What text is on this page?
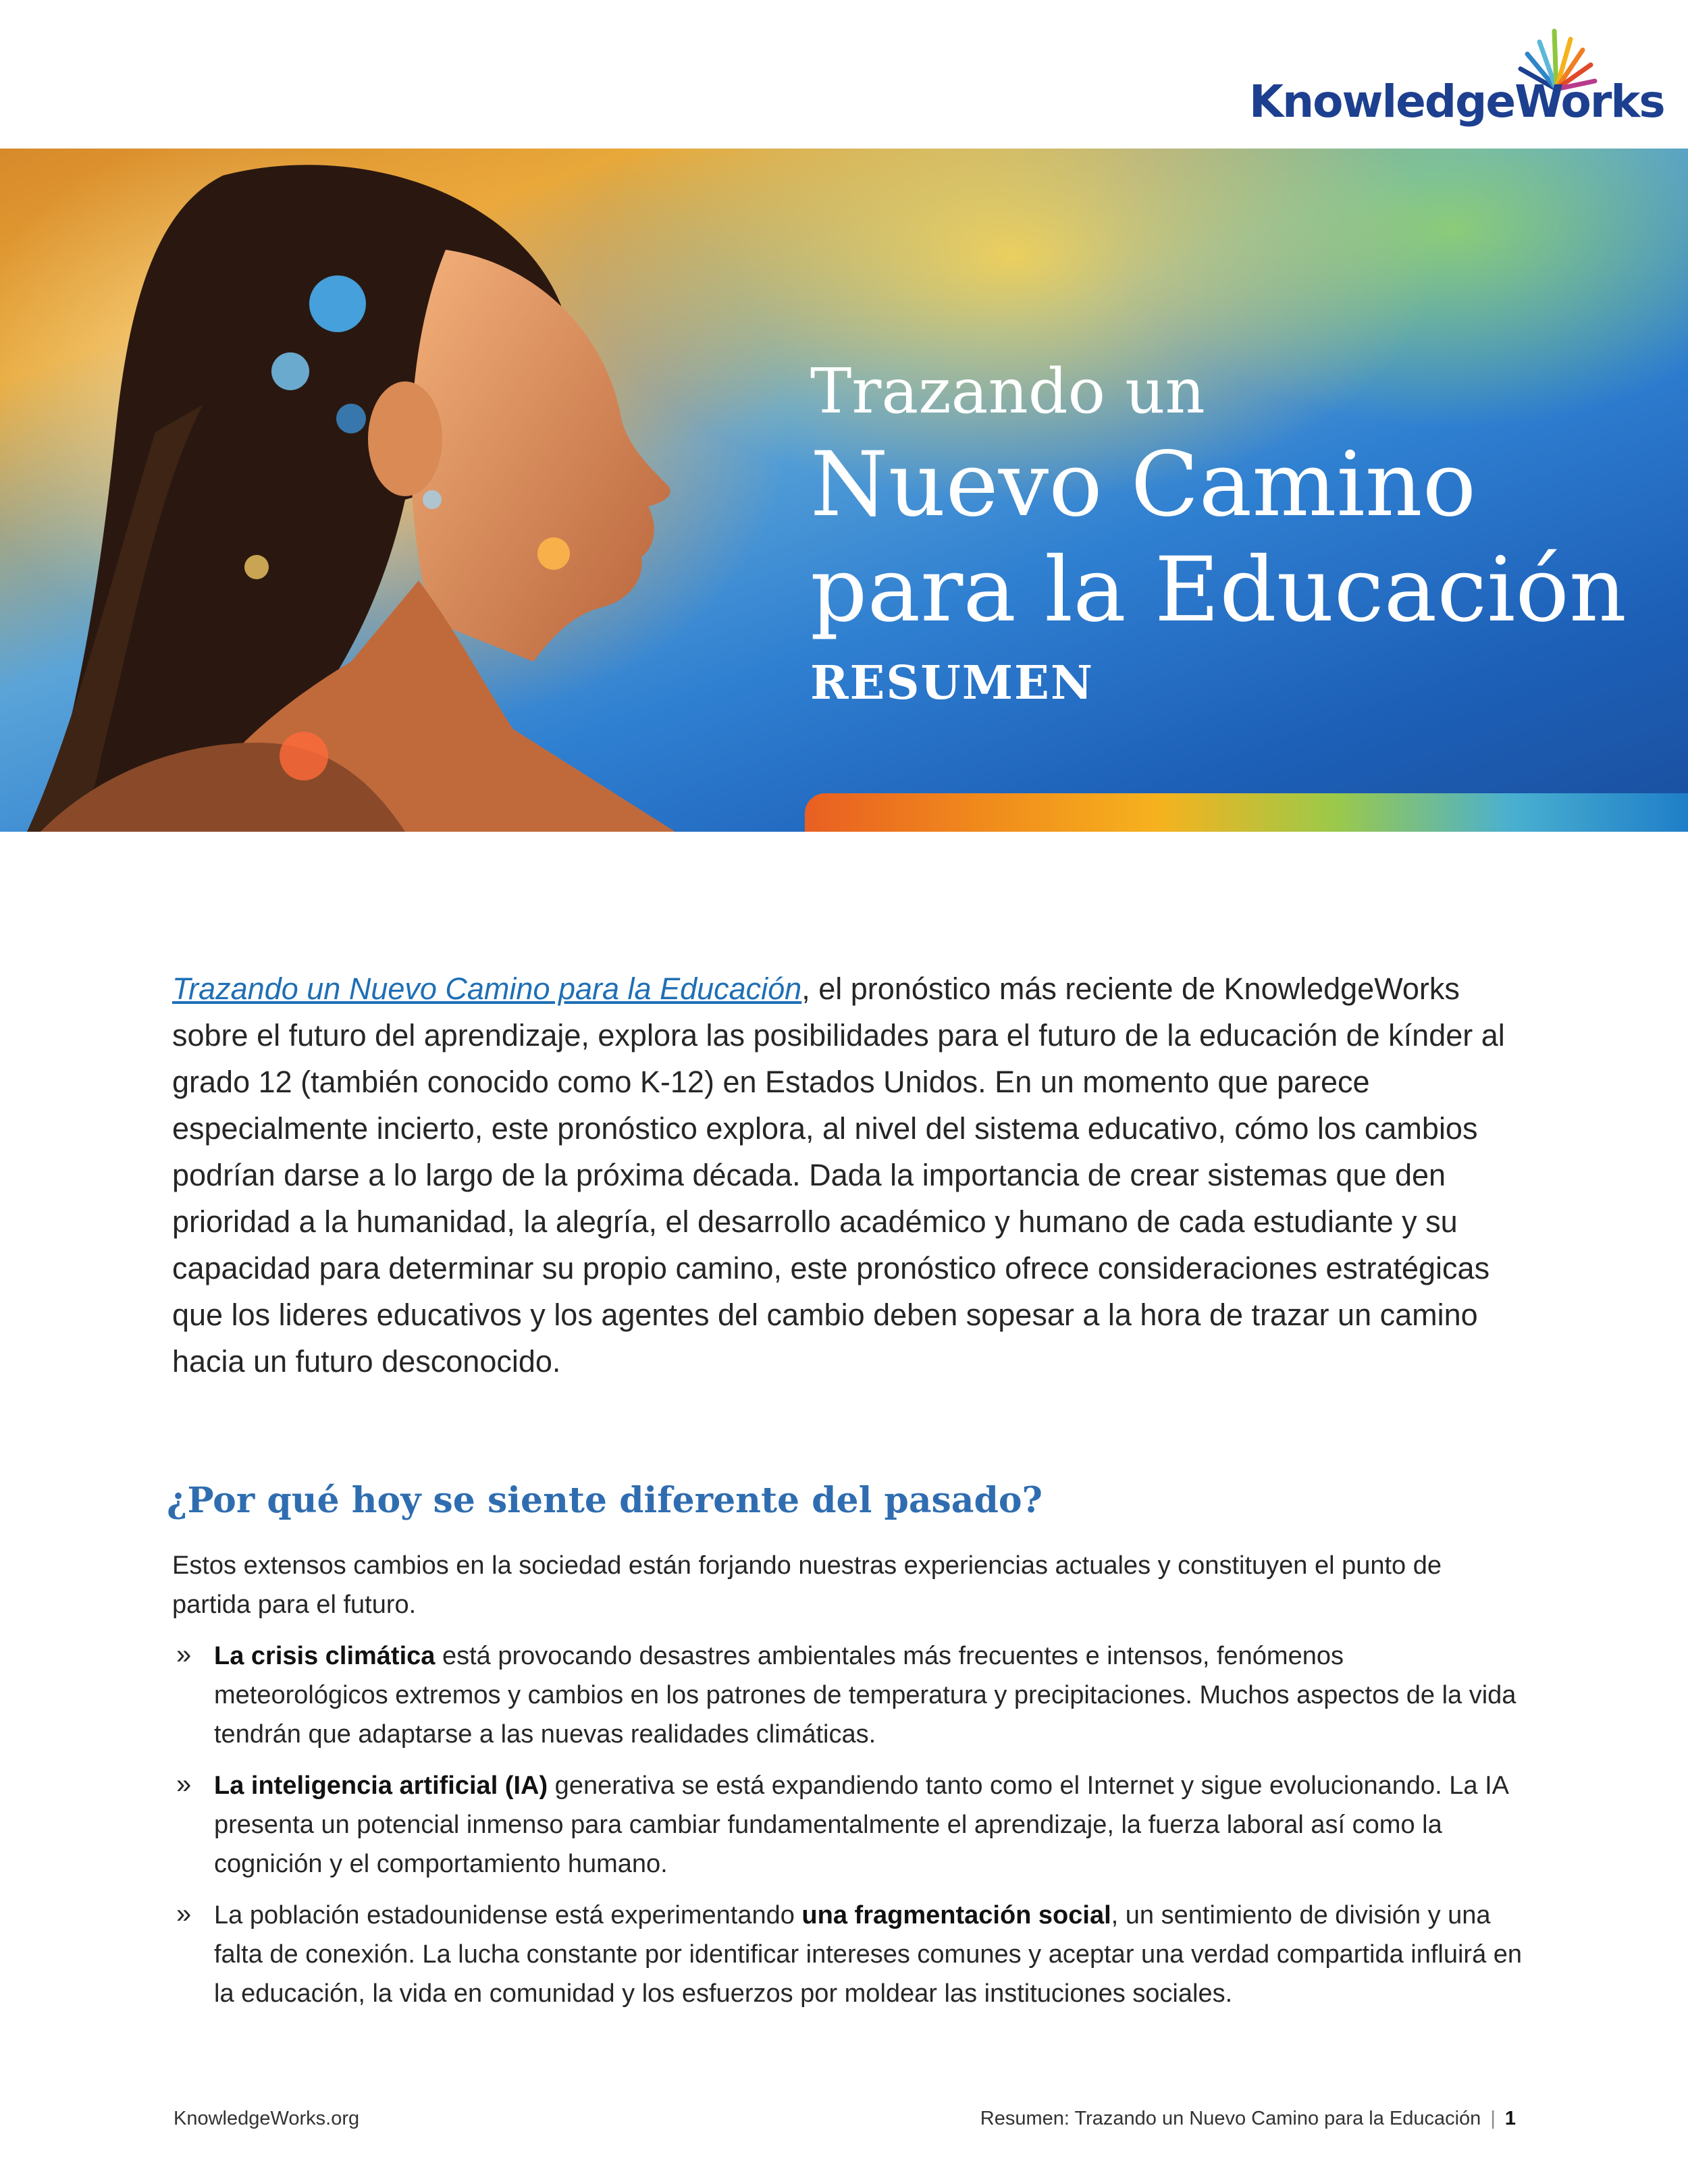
KnowledgeWorks
Trazando un
Nuevo Camino
para la Educación
RESUMEN

Trazando un Nuevo Camino para la Educación, el pronóstico más reciente de KnowledgeWorks sobre el futuro del aprendizaje, explora las posibilidades para el futuro de la educación de kínder al grado 12 (también conocido como K-12) en Estados Unidos. En un momento que parece especialmente incierto, este pronóstico explora, al nivel del sistema educativo, cómo los cambios podrían darse a lo largo de la próxima década. Dada la importancia de crear sistemas que den prioridad a la humanidad, la alegría, el desarrollo académico y humano de cada estudiante y su capacidad para determinar su propio camino, este pronóstico ofrece consideraciones estratégicas que los lideres educativos y los agentes del cambio deben sopesar a la hora de trazar un camino hacia un futuro desconocido.

¿Por qué hoy se siente diferente del pasado?

Estos extensos cambios en la sociedad están forjando nuestras experiencias actuales y constituyen el punto de partida para el futuro.

» La crisis climática está provocando desastres ambientales más frecuentes e intensos, fenómenos meteorológicos extremos y cambios en los patrones de temperatura y precipitaciones. Muchos aspectos de la vida tendrán que adaptarse a las nuevas realidades climáticas.
» La inteligencia artificial (IA) generativa se está expandiendo tanto como el Internet y sigue evolucionando. La IA presenta un potencial inmenso para cambiar fundamentalmente el aprendizaje, la fuerza laboral así como la cognición y el comportamiento humano.
» La población estadounidense está experimentando una fragmentación social, un sentimiento de división y una falta de conexión. La lucha constante por identificar intereses comunes y aceptar una verdad compartida influirá en la educación, la vida en comunidad y los esfuerzos por moldear las instituciones sociales.
KnowledgeWorks.org	Resumen: Trazando un Nuevo Camino para la Educación | 1
